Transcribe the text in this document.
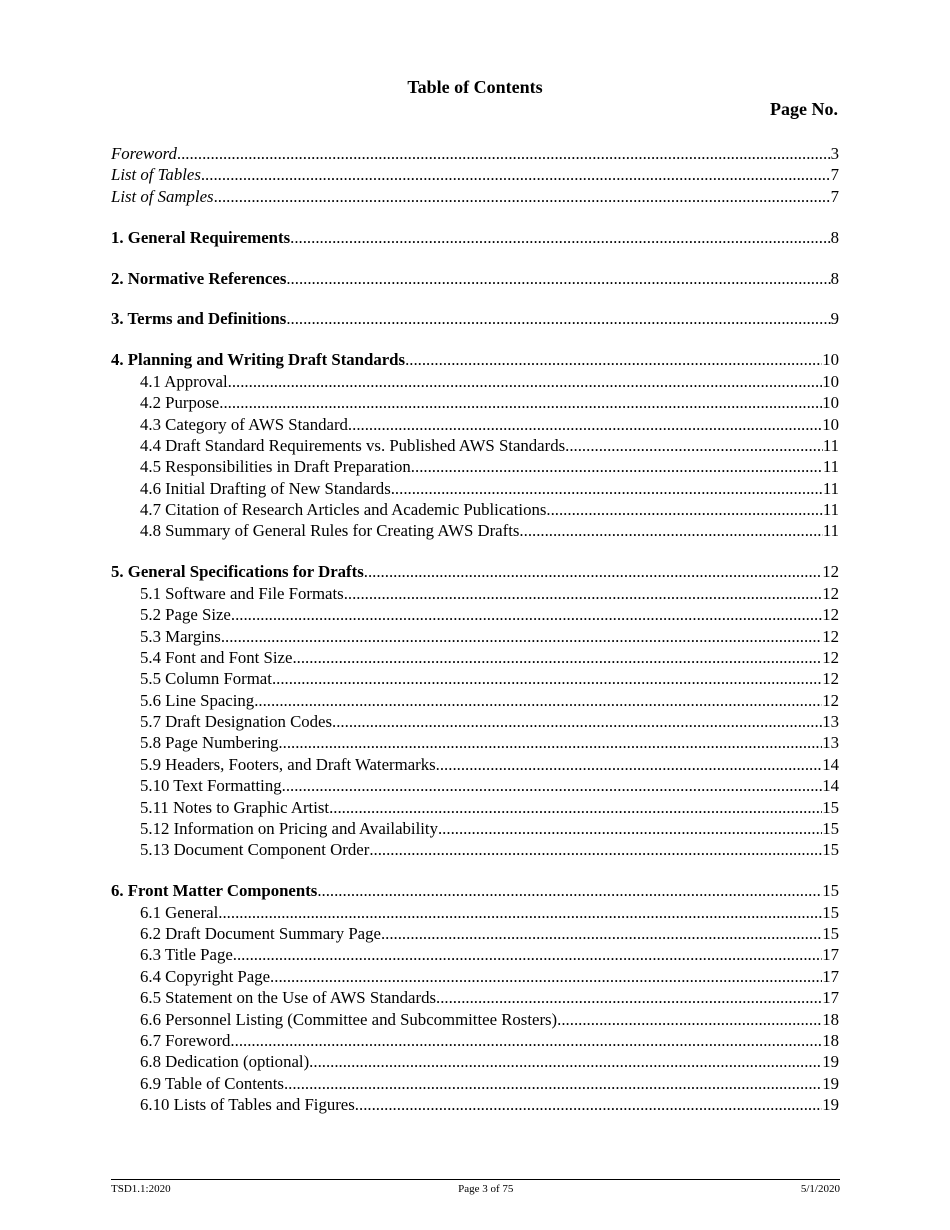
Table of Contents
Page No.
Foreword .....	3
List of Tables .....	7
List of Samples .....	7
1. General Requirements .....	8
2. Normative References .....	8
3. Terms and Definitions .....	9
4. Planning and Writing Draft Standards .....	10
4.1 Approval .....	10
4.2 Purpose .....	10
4.3 Category of AWS Standard .....	10
4.4 Draft Standard Requirements vs. Published AWS Standards .....	11
4.5 Responsibilities in Draft Preparation .....	11
4.6 Initial Drafting of New Standards .....	11
4.7 Citation of Research Articles and Academic Publications .....	11
4.8 Summary of General Rules for Creating AWS Drafts .....	11
5. General Specifications for Drafts .....	12
5.1 Software and File Formats .....	12
5.2 Page Size .....	12
5.3 Margins .....	12
5.4 Font and Font Size .....	12
5.5 Column Format .....	12
5.6 Line Spacing .....	12
5.7 Draft Designation Codes .....	13
5.8 Page Numbering .....	13
5.9 Headers, Footers, and Draft Watermarks .....	14
5.10 Text Formatting .....	14
5.11 Notes to Graphic Artist .....	15
5.12 Information on Pricing and Availability .....	15
5.13 Document Component Order .....	15
6. Front Matter Components .....	15
6.1 General .....	15
6.2 Draft Document Summary Page .....	15
6.3 Title Page .....	17
6.4 Copyright Page .....	17
6.5 Statement on the Use of AWS Standards .....	17
6.6 Personnel Listing (Committee and Subcommittee Rosters) .....	18
6.7 Foreword .....	18
6.8 Dedication (optional) .....	19
6.9 Table of Contents .....	19
6.10 Lists of Tables and Figures .....	19
TSD1.1:2020	Page 3 of 75	5/1/2020
